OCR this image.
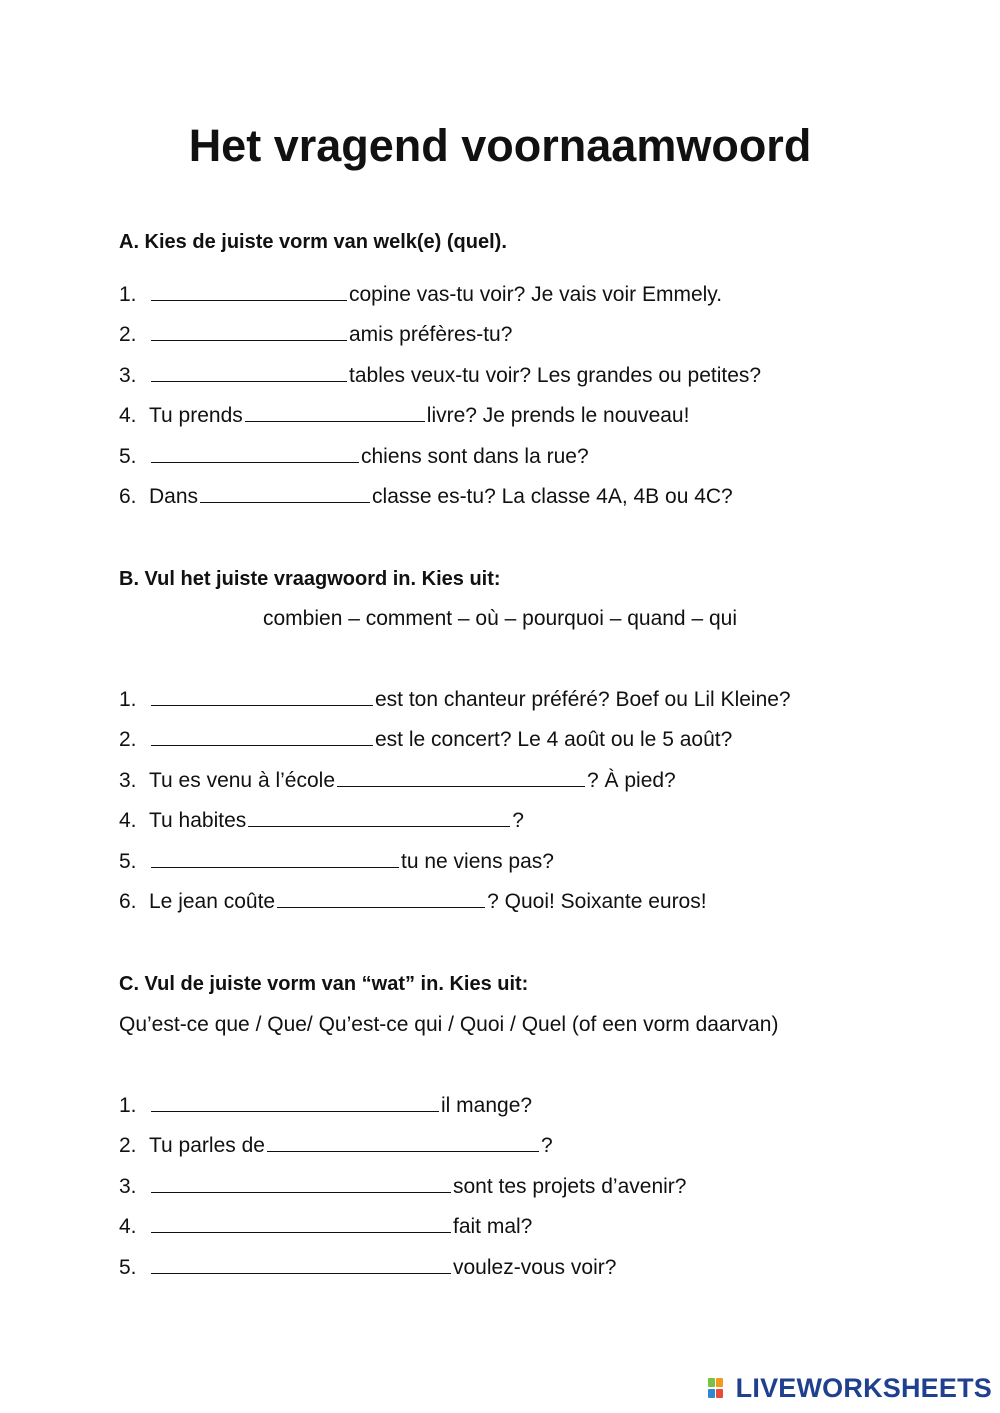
Het vragend voornaamwoord
A. Kies de juiste vorm van welk(e) (quel).
1.	copine vas-tu voir? Je vais voir Emmely.
2.	amis préfères-tu?
3.	tables veux-tu voir? Les grandes ou petites?
4. Tu prends	livre? Je prends le nouveau!
5.	chiens sont dans la rue?
6. Dans	classe es-tu? La classe 4A, 4B ou 4C?
B. Vul het juiste vraagwoord in. Kies uit:
combien – comment – où – pourquoi – quand – qui
1.	est ton chanteur préféré? Boef ou Lil Kleine?
2.	est le concert? Le 4 août ou le 5 août?
3. Tu es venu à l’école	? À pied?
4. Tu habites	?
5.	tu ne viens pas?
6. Le jean coûte	? Quoi! Soixante euros!
C. Vul de juiste vorm van “wat” in. Kies uit:
Qu’est-ce que / Que/ Qu’est-ce qui / Quoi / Quel (of een vorm daarvan)
1.	il mange?
2. Tu parles de	?
3.	sont tes projets d’avenir?
4.	fait mal?
5.	voulez-vous voir?
LIVEWORKSHEETS
